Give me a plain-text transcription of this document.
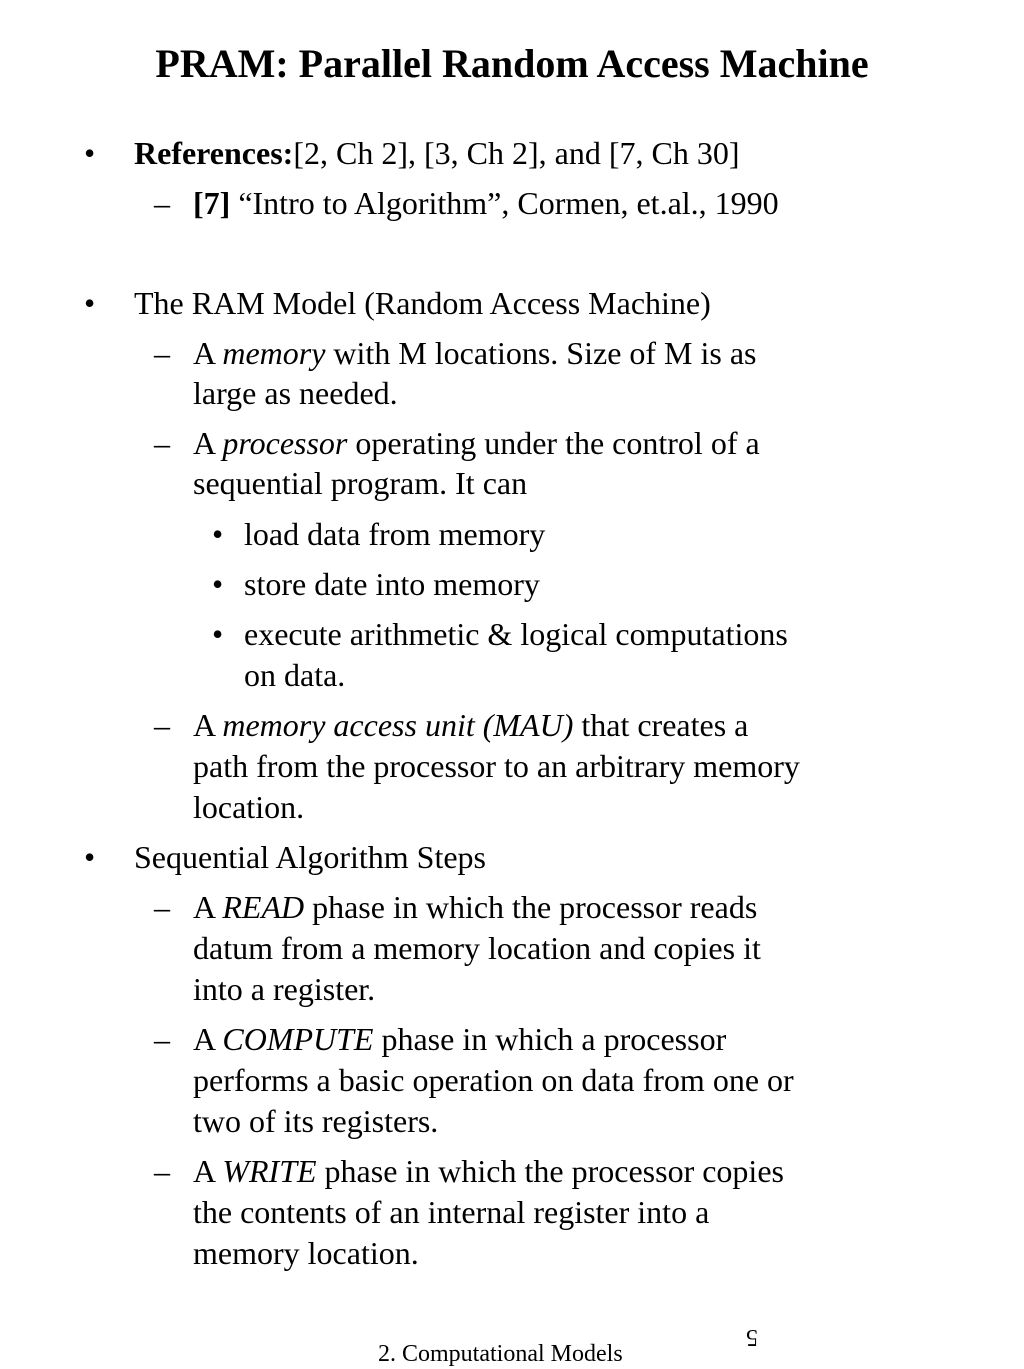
PRAM: Parallel Random Access Machine
• References:[2, Ch 2], [3, Ch 2], and [7, Ch 30]
– [7] “Intro to Algorithm”, Cormen, et.al., 1990
• The RAM Model (Random Access Machine)
– A memory with M locations. Size of M is as
large as needed.
– A processor operating under the control of a
sequential program. It can
• load data from memory
• store date into memory
• execute arithmetic & logical computations
on data.
– A memory access unit (MAU) that creates a
path from the processor to an arbitrary memory
location.
• Sequential Algorithm Steps
– A READ phase in which the processor reads
datum from a memory location and copies it
into a register.
– A COMPUTE phase in which a processor
performs a basic operation on data from one or
two of its registers.
– A WRITE phase in which the processor copies
the contents of an internal register into a
memory location.
5
2. Computational Models
